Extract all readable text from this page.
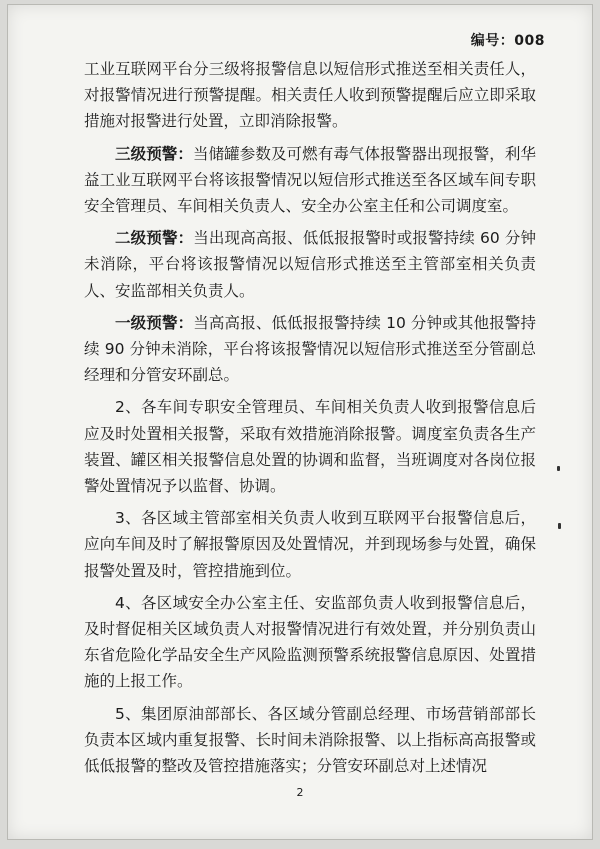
编号：008

工业互联网平台分三级将报警信息以短信形式推送至相关责任人，对报警情况进行预警提醒。相关责任人收到预警提醒后应立即采取措施对报警进行处置，立即消除报警。

三级预警：当储罐参数及可燃有毒气体报警器出现报警，利华益工业互联网平台将该报警情况以短信形式推送至各区域车间专职安全管理员、车间相关负责人、安全办公室主任和公司调度室。

二级预警：当出现高高报、低低报报警时或报警持续 60 分钟未消除，平台将该报警情况以短信形式推送至主管部室相关负责人、安监部相关负责人。

一级预警：当高高报、低低报报警持续 10 分钟或其他报警持续 90 分钟未消除，平台将该报警情况以短信形式推送至分管副总经理和分管安环副总。

2、各车间专职安全管理员、车间相关负责人收到报警信息后应及时处置相关报警，采取有效措施消除报警。调度室负责各生产装置、罐区相关报警信息处置的协调和监督，当班调度对各岗位报警处置情况予以监督、协调。

3、各区域主管部室相关负责人收到互联网平台报警信息后，应向车间及时了解报警原因及处置情况，并到现场参与处置，确保报警处置及时，管控措施到位。

4、各区域安全办公室主任、安监部负责人收到报警信息后，及时督促相关区域负责人对报警情况进行有效处置，并分别负责山东省危险化学品安全生产风险监测预警系统报警信息原因、处置措施的上报工作。

5、集团原油部部长、各区域分管副总经理、市场营销部部长负责本区域内重复报警、长时间未消除报警、以上指标高高报警或低低报警的整改及管控措施落实；分管安环副总对上述情况

2
